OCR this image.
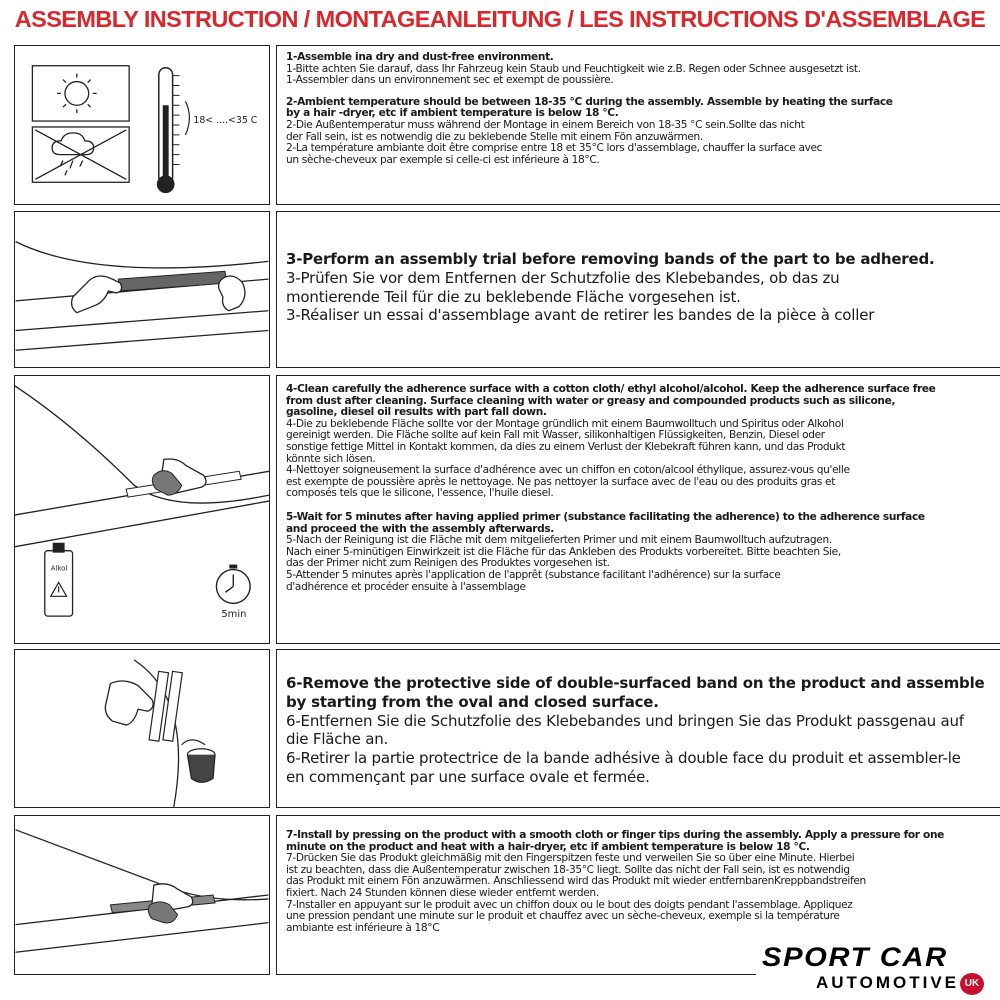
ASSEMBLY INSTRUCTION / MONTAGEANLEITUNG / LES INSTRUCTIONS D'ASSEMBLAGE
18< ....<35 C

1-Assemble ina dry and dust-free environment.

1-Bitte achten Sie darauf, dass Ihr Fahrzeug kein Staub und Feuchtigkeit wie z.B. Regen oder Schnee ausgesetzt ist.

1-Assembler dans un environnement sec et exempt de poussière.

2-Ambient temperature should be between 18-35 °C during the assembly. Assemble by heating the surface
by a hair -dryer, etc if ambient temperature is below 18 °C.

2-Die Außentemperatur muss während der Montage in einem Bereich von 18-35 °C sein.Sollte das nicht
der Fall sein, ist es notwendig die zu beklebende Stelle mit einem Fön anzuwärmen.

2-La température ambiante doit être comprise entre 18 et 35°C lors d'assemblage, chauffer la surface avec
un sèche-cheveux par exemple si celle-ci est inférieure à 18°C.

3-Perform an assembly trial before removing bands of the part to be adhered.

3-Prüfen Sie vor dem Entfernen der Schutzfolie des Klebebandes, ob das zu
montierende Teil für die zu beklebende Fläche vorgesehen ist.

3-Réaliser un essai d'assemblage avant de retirer les bandes de la pièce à coller

Alkol
5min

4-Clean carefully the adherence surface with a cotton cloth/ ethyl alcohol/alcohol. Keep the adherence surface free
from dust after cleaning. Surface cleaning with water or greasy and compounded products such as silicone,
gasoline, diesel oil results with part fall down.

4-Die zu beklebende Fläche sollte vor der Montage gründlich mit einem Baumwolltuch und Spiritus oder Alkohol
gereinigt werden. Die Fläche sollte auf kein Fall mit Wasser, silikonhaltigen Flüssigkeiten, Benzin, Diesel oder
sonstige fettige Mittel in Kontakt kommen, da dies zu einem Verlust der Klebekraft führen kann, und das Produkt
könnte sich lösen.

4-Nettoyer soigneusement la surface d'adhérence avec un chiffon en coton/alcool éthylique, assurez-vous qu'elle
est exempte de poussière après le nettoyage. Ne pas nettoyer la surface avec de l'eau ou des produits gras et
composés tels que le silicone, l'essence, l'huile diesel.

5-Wait for 5 minutes after having applied primer (substance facilitating the adherence) to the adherence surface
and proceed the with the assembly afterwards.

5-Nach der Reinigung ist die Fläche mit dem mitgelieferten Primer und mit einem Baumwolltuch aufzutragen.
Nach einer 5-minütigen Einwirkzeit ist die Fläche für das Ankleben des Produkts vorbereitet. Bitte beachten Sie,
das der Primer nicht zum Reinigen des Produktes vorgesehen ist.

5-Attender 5 minutes après l'application de l'apprêt (substance facilitant l'adhérence) sur la surface
d'adhérence et procéder ensuite à l'assemblage

6-Remove the protective side of double-surfaced band on the product and assemble
by starting from the oval and closed surface.

6-Entfernen Sie die Schutzfolie des Klebebandes und bringen Sie das Produkt passgenau auf
die Fläche an.

6-Retirer la partie protectrice de la bande adhésive à double face du produit et assembler-le
en commençant par une surface ovale et fermée.

7-Install by pressing on the product with a smooth cloth or finger tips during the assembly. Apply a pressure for one
minute on the product and heat with a hair-dryer, etc if ambient temperature is below 18 °C.

7-Drücken Sie das Produkt gleichmäßig mit den Fingerspitzen feste und verweilen Sie so über eine Minute. Hierbei
ist zu beachten, dass die Außentemperatur zwischen 18-35°C liegt. Sollte das nicht der Fall sein, ist es notwendig
das Produkt mit einem Fön anzuwärmen. Anschliessend wird das Produkt mit wieder entfernbarenKreppbandstreifen
fixiert. Nach 24 Stunden können diese wieder entfernt werden.

7-Installer en appuyant sur le produit avec un chiffon doux ou le bout des doigts pendant l'assemblage. Appliquez
une pression pendant une minute sur le produit et chauffez avec un sèche-cheveux, exemple si la température
ambiante est inférieure à 18°C

SPORT CAR
AUTOMOTIVE UK
